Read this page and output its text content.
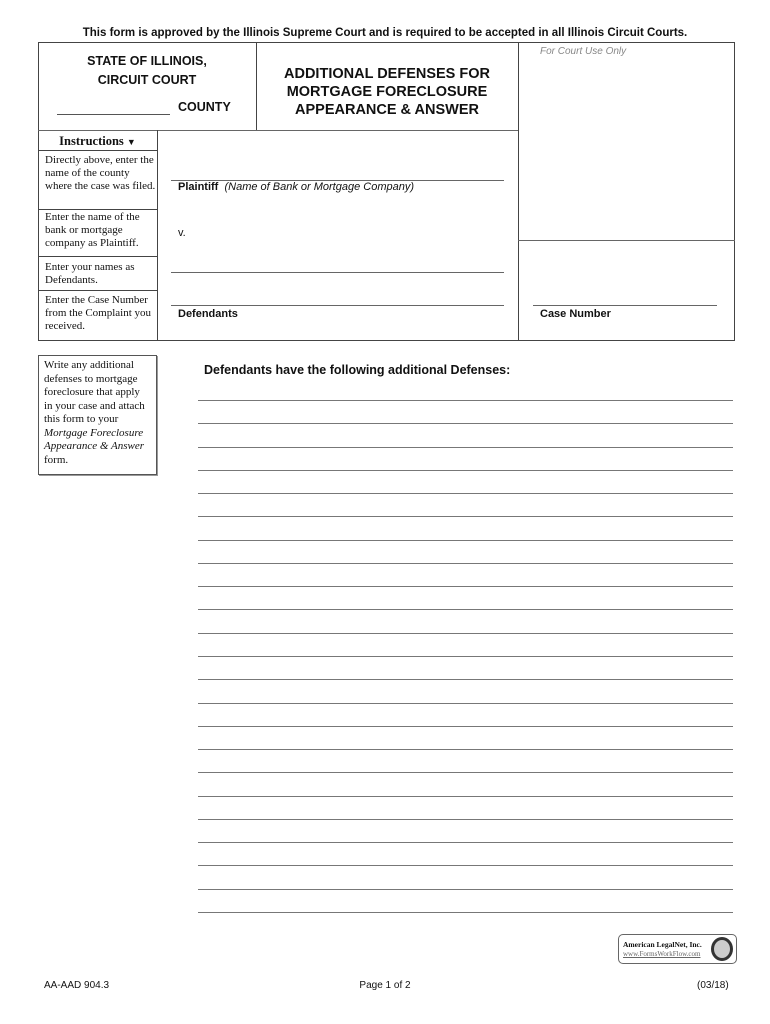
This form is approved by the Illinois Supreme Court and is required to be accepted in all Illinois Circuit Courts.
STATE OF ILLINOIS,
CIRCUIT COURT
COUNTY
ADDITIONAL DEFENSES FOR
MORTGAGE FORECLOSURE
APPEARANCE & ANSWER
For Court Use Only
Instructions ▼
Directly above, enter the name of the county where the case was filed.
Enter the name of the bank or mortgage company as Plaintiff.
Enter your names as Defendants.
Enter the Case Number from the Complaint you received.
Plaintiff (Name of Bank or Mortgage Company)
v.
Defendants	Case Number
Write any additional defenses to mortgage foreclosure that apply in your case and attach this form to your Mortgage Foreclosure Appearance & Answer form.
Defendants have the following additional Defenses:
American LegalNet, Inc.
www.FormsWorkFlow.com
AA-AAD 904.3	Page 1 of 2	(03/18)
